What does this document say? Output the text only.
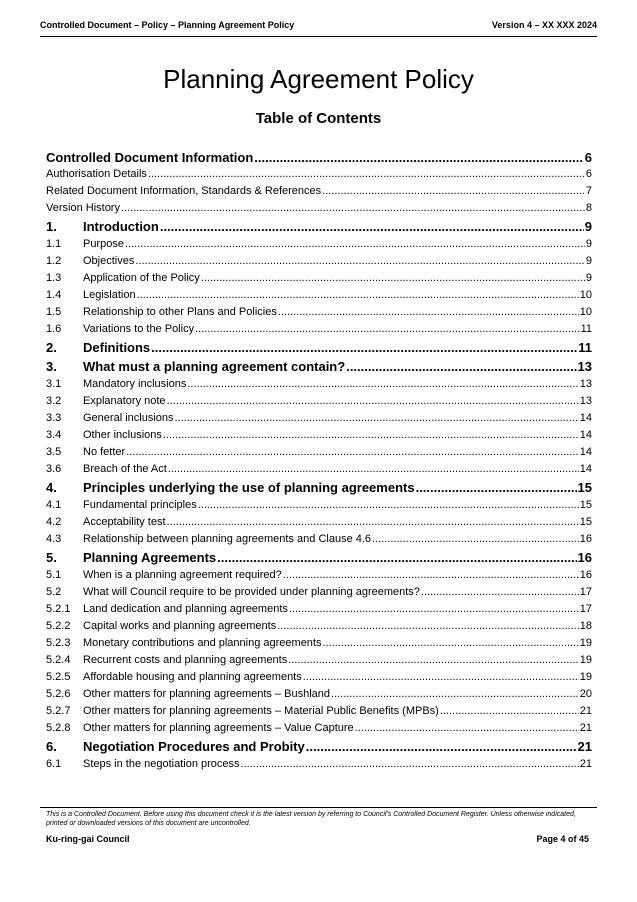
Controlled Document – Policy – Planning Agreement Policy	Version 4 – XX XXX 2024
Planning Agreement Policy
Table of Contents
Controlled Document Information .....	6
Authorisation Details .....	6
Related Document Information, Standards & References .....	7
Version History .....	8
1.	Introduction .....	9
1.1	Purpose .....	9
1.2	Objectives .....	9
1.3	Application of the Policy .....	9
1.4	Legislation .....	10
1.5	Relationship to other Plans and Policies .....	10
1.6	Variations to the Policy .....	11
2.	Definitions .....	11
3.	What must a planning agreement contain? .....	13
3.1	Mandatory inclusions .....	13
3.2	Explanatory note .....	13
3.3	General inclusions .....	14
3.4	Other inclusions .....	14
3.5	No fetter .....	14
3.6	Breach of the Act .....	14
4.	Principles underlying the use of planning agreements .....	15
4.1	Fundamental principles .....	15
4.2	Acceptability test .....	15
4.3	Relationship between planning agreements and Clause 4.6 .....	16
5.	Planning Agreements .....	16
5.1	When is a planning agreement required? .....	16
5.2	What will Council require to be provided under planning agreements? .....	17
5.2.1	Land dedication and planning agreements .....	17
5.2.2	Capital works and planning agreements .....	18
5.2.3	Monetary contributions and planning agreements .....	19
5.2.4	Recurrent costs and planning agreements .....	19
5.2.5	Affordable housing and planning agreements .....	19
5.2.6	Other matters for planning agreements – Bushland .....	20
5.2.7	Other matters for planning agreements – Material Public Benefits (MPBs) .....	21
5.2.8	Other matters for planning agreements – Value Capture .....	21
6.	Negotiation Procedures and Probity .....	21
6.1	Steps in the negotiation process .....	21
This is a Controlled Document. Before using this document check it is the latest version by referring to Council's Controlled Document Register. Unless otherwise indicated, printed or downloaded versions of this document are uncontrolled.
Ku-ring-gai Council	Page 4 of 45
